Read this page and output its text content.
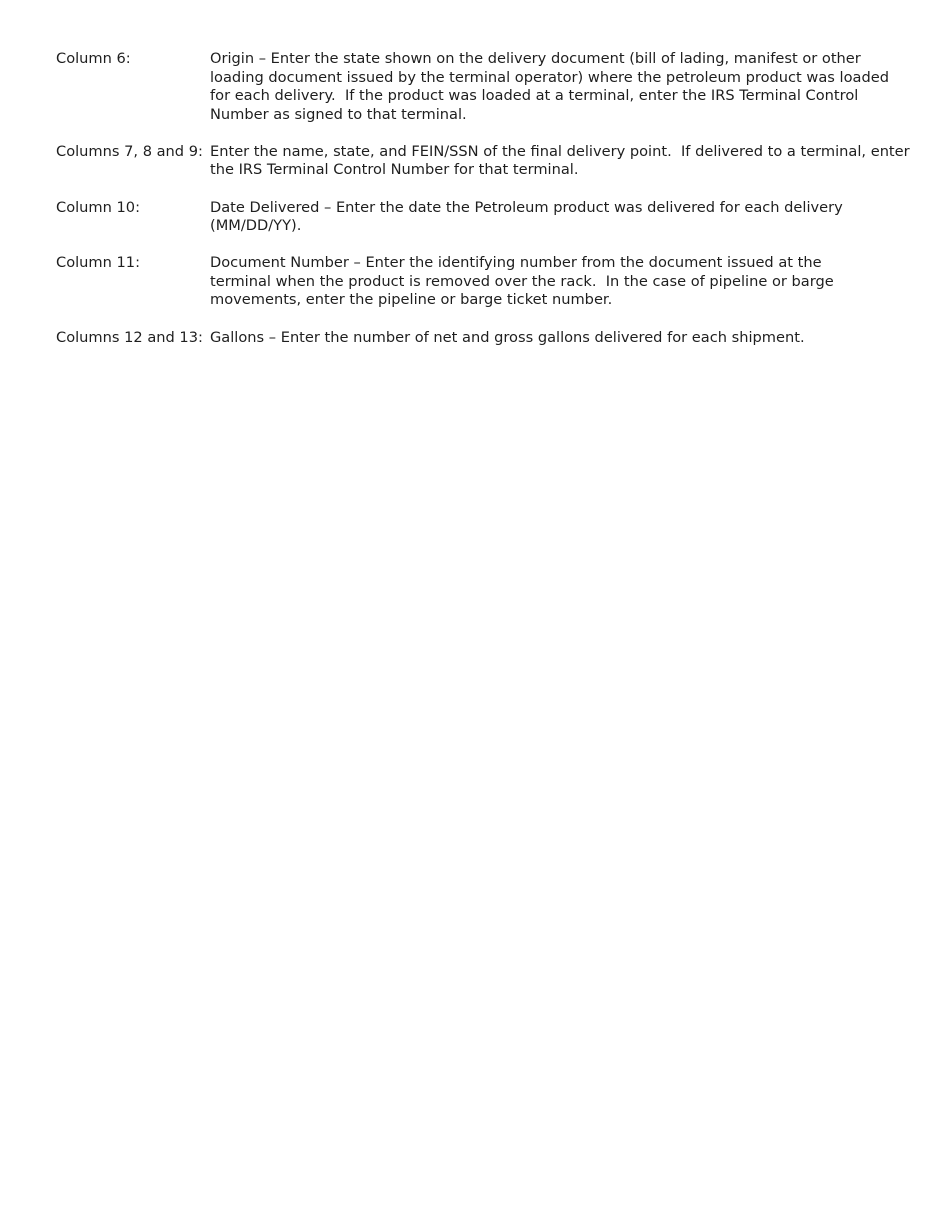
Column 6:	Origin – Enter the state shown on the delivery document (bill of lading, manifest or other
loading document issued by the terminal operator) where the petroleum product was loaded
for each delivery.  If the product was loaded at a terminal, enter the IRS Terminal Control
Number as signed to that terminal.
Columns 7, 8 and 9: Enter the name, state, and FEIN/SSN of the final delivery point.  If delivered to a terminal, enter
the IRS Terminal Control Number for that terminal.
Column 10:	Date Delivered – Enter the date the Petroleum product was delivered for each delivery
(MM/DD/YY).
Column 11:	Document Number – Enter the identifying number from the document issued at the
terminal when the product is removed over the rack.  In the case of pipeline or barge
movements, enter the pipeline or barge ticket number.
Columns 12 and 13: Gallons – Enter the number of net and gross gallons delivered for each shipment.
